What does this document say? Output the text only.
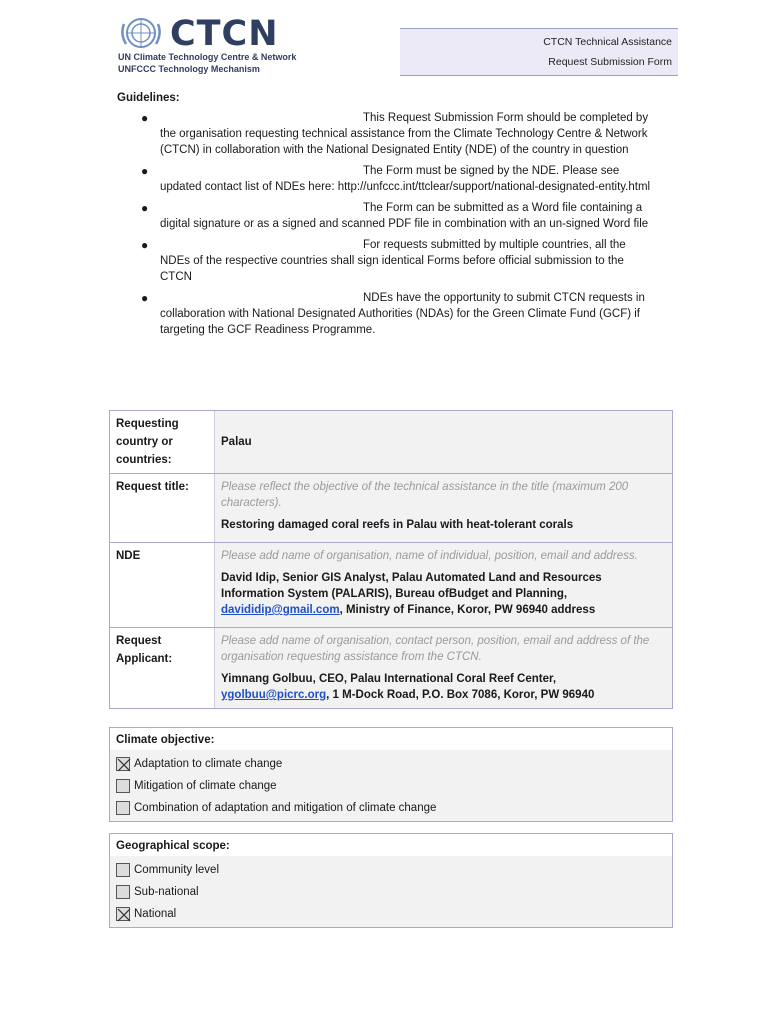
CTCN
UN Climate Technology Centre & Network
UNFCCC Technology Mechanism
CTCN Technical Assistance
Request Submission Form
Guidelines:
●	This Request Submission Form should be completed by the organisation requesting technical assistance from the Climate Technology Centre & Network (CTCN) in collaboration with the National Designated Entity (NDE) of the country in question
●	The Form must be signed by the NDE. Please see updated contact list of NDEs here: http://unfccc.int/ttclear/support/national-designated-entity.html
●	The Form can be submitted as a Word file containing a digital signature or as a signed and scanned PDF file in combination with an un-signed Word file
●	For requests submitted by multiple countries, all the NDEs of the respective countries shall sign identical Forms before official submission to the CTCN
●	NDEs have the opportunity to submit CTCN requests in collaboration with National Designated Authorities (NDAs) for the Green Climate Fund (GCF) if targeting the GCF Readiness Programme.
Requesting country or countries:
Palau
Request title:	Please reflect the objective of the technical assistance in the title (maximum 200 characters).
Restoring damaged coral reefs in Palau with heat-tolerant corals
NDE	Please add name of organisation, name of individual, position, email and address.
David Idip, Senior GIS Analyst, Palau Automated Land and Resources Information System (PALARIS), Bureau ofBudget and Planning, davididip@gmail.com, Ministry of Finance, Koror, PW 96940 address
Request Applicant:
Please add name of organisation, contact person, position, email and address of the organisation requesting assistance from the CTCN.
Yimnang Golbuu, CEO, Palau International Coral Reef Center, ygolbuu@picrc.org, 1 M-Dock Road, P.O. Box 7086, Koror, PW 96940
Climate objective:
Adaptation to climate change
Mitigation of climate change
Combination of adaptation and mitigation of climate change
Geographical scope:
Community level
Sub-national
National
